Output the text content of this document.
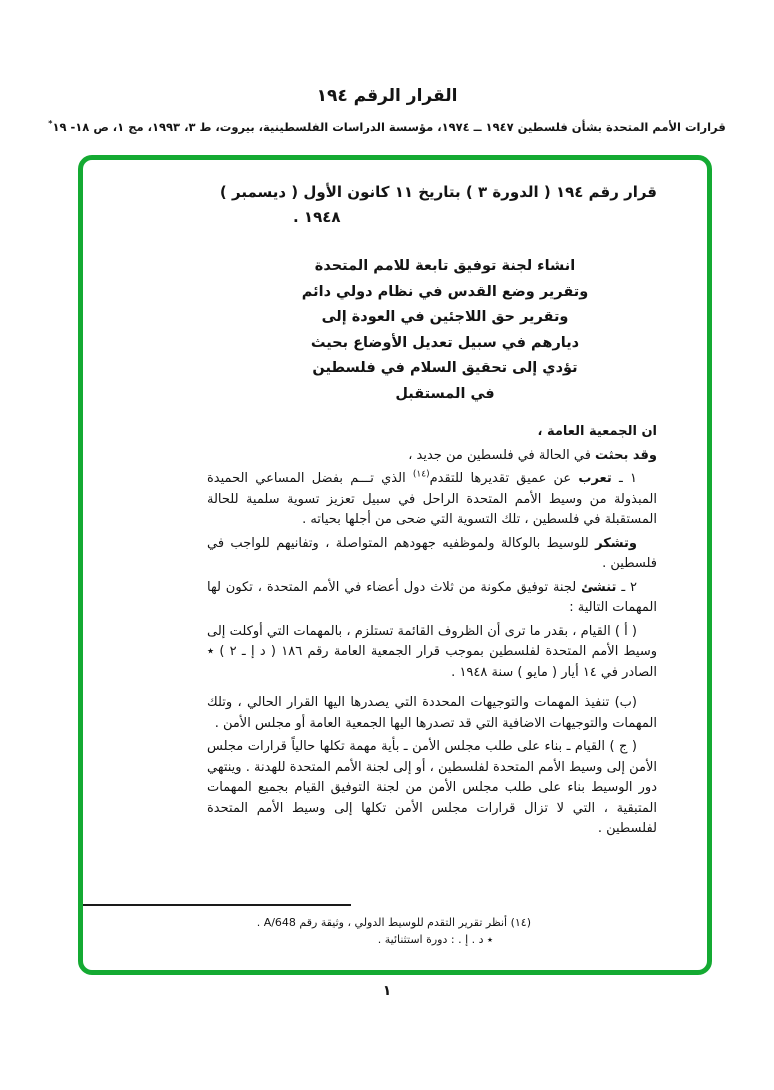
القرار الرقم ١٩٤
قرارات الأمم المتحدة بشأن فلسطين ١٩٤٧ ــ ١٩٧٤، مؤسسة الدراسات الفلسطينية، بيروت، ط ٣، ١٩٩٣، مج ١، ص ١٨- ١٩*

قرار رقم ١٩٤ ( الدورة ٣ ) بتاريخ ١١ كانون الأول ( ديسمبر )
١٩٤٨ .

انشاء لجنة توفيق تابعة للامم المتحدة
وتقرير وضع القدس في نظام دولي دائم
وتقرير حق اللاجئين في العودة إلى
ديارهم في سبيل تعديل الأوضاع بحيث
تؤدي إلى تحقيق السلام في فلسطين
في المستقبل

ان الجمعية العامة ،

وقد بحثت في الحالة في فلسطين من جديد ،

١ ـ تعرب عن عميق تقديرها للتقدم$^{(١٤)}$ الذي تـــم بفضل المساعي الحميدة المبذولة من وسيط الأمم المتحدة الراحل في سبيل تعزيز تسوية سلمية للحالة المستقبلة في فلسطين ، تلك التسوية التي ضحى من أجلها بحياته .

وتشكر للوسيط بالوكالة ولموظفيه جهودهم المتواصلة ، وتفانيهم للواجب في فلسطين .

٢ ـ تنشئ لجنة توفيق مكونة من ثلاث دول أعضاء في الأمم المتحدة ، تكون لها المهمات التالية :

( أ ) القيام ، بقدر ما ترى أن الظروف القائمة تستلزم ، بالمهمات التي أوكلت إلى وسيط الأمم المتحدة لفلسطين بموجب قرار الجمعية العامة رقم ١٨٦ ( د إ ـ ٢ ) ٭ الصادر في ١٤ أيار ( مايو ) سنة ١٩٤٨ .

(ب) تنفيذ المهمات والتوجيهات المحددة التي يصدرها اليها القرار الحالي ، وتلك المهمات والتوجيهات الاضافية التي قد تصدرها اليها الجمعية العامة أو مجلس الأمن .

( ج ) القيام ـ بناء على طلب مجلس الأمن ـ بأية مهمة تكلها حالياً قرارات مجلس الأمن إلى وسيط الأمم المتحدة لفلسطين ، أو إلى لجنة الأمم المتحدة للهدنة . وينتهي دور الوسيط بناء على طلب مجلس الأمن من لجنة التوفيق القيام بجميع المهمات المتبقية ، التي لا تزال قرارات مجلس الأمن تكلها إلى وسيط الأمم المتحدة لفلسطين .

(١٤) أنظر تقرير التقدم للوسيط الدولي ، وثيقة رقم A/648 .
٭ د . إ . : دورة استثنائية .
١
